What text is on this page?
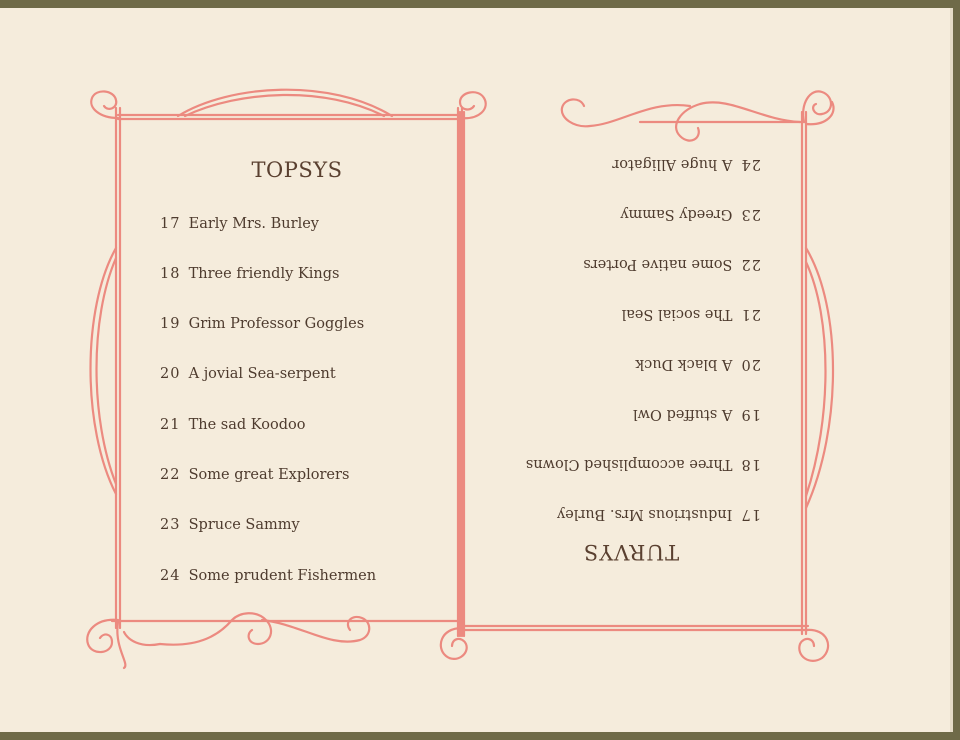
TOPSYS
17 Early Mrs. Burley
18 Three friendly Kings
19 Grim Professor Goggles
20 A jovial Sea-serpent
21 The sad Koodoo
22 Some great Explorers
23 Spruce Sammy
24 Some prudent Fishermen
TURVYS
17 Industrious Mrs. Burley
18 Three accomplished Clowns
19 A stuffed Owl
20 A black Duck
21 The social Seal
22 Some native Porters
23 Greedy Sammy
24 A huge Alligator
